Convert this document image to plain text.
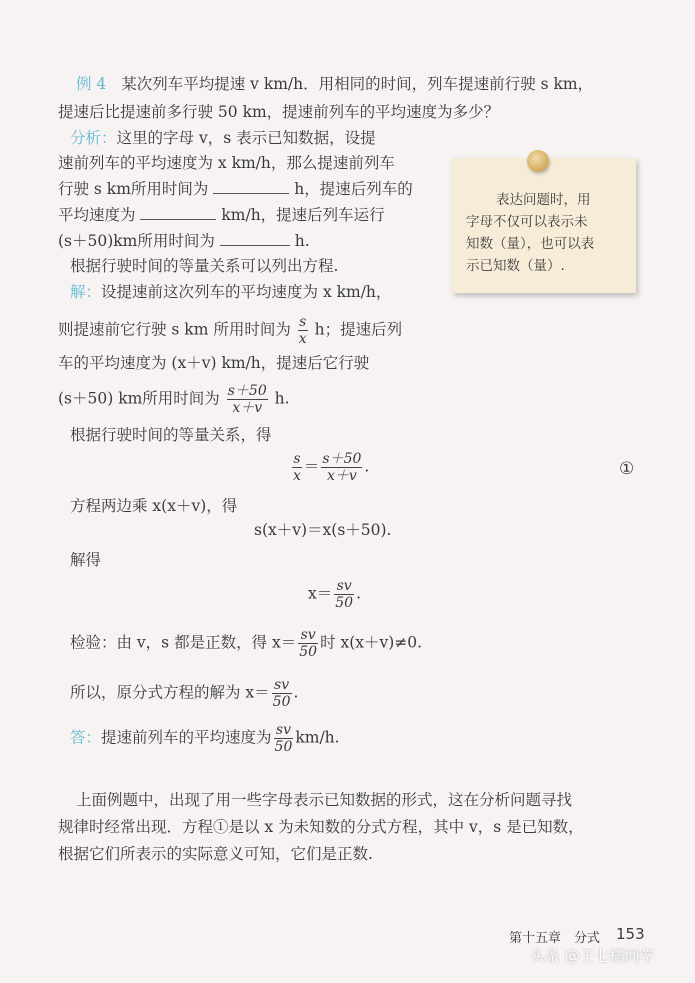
例 4 某次列车平均提速 v km/h．用相同的时间，列车提速前行驶 s km，
提速后比提速前多行驶 50 km，提速前列车的平均速度为多少？
分析：这里的字母 v，s 表示已知数据，设提
速前列车的平均速度为 x km/h，那么提速前列车
行驶 s km所用时间为	h，提速后列车的
平均速度为	km/h，提速后列车运行
(s＋50)km所用时间为	h.
根据行驶时间的等量关系可以列出方程.
表达问题时，用
字母不仅可以表示未
知数（量），也可以表
示已知数（量）.
解：设提速前这次列车的平均速度为 x km/h，
则提速前它行驶 s km 所用时间为 $\frac{s}{x}$ h；提速后列
车的平均速度为 (x＋v) km/h，提速后它行驶
(s＋50) km所用时间为 $\frac{s+50}{x+v} h$.
根据行驶时间的等量关系，得
$\frac{s}{x} = \frac{s+50}{x+v}$ .	①
方程两边乘 x(x＋v)，得
s(x＋v)＝x(s＋50).
解得
$x= \frac{sv}{50}$ .
检验：由 v，s 都是正数，得 $x= \frac{sv}{50}$ 时 x(x＋v)≠0.
所以，原分式方程的解为 $x= \frac{sv}{50}$ .
答：提速前列车的平均速度为 $\frac{sv}{50} km/h$.
上面例题中，出现了用一些字母表示已知数据的形式，这在分析问题寻找
规律时经常出现．方程①是以 x 为未知数的分式方程，其中 v，s 是已知数，
根据它们所表示的实际意义可知，它们是正数.
第十五章　分式 153
头条 @王七橘同学
